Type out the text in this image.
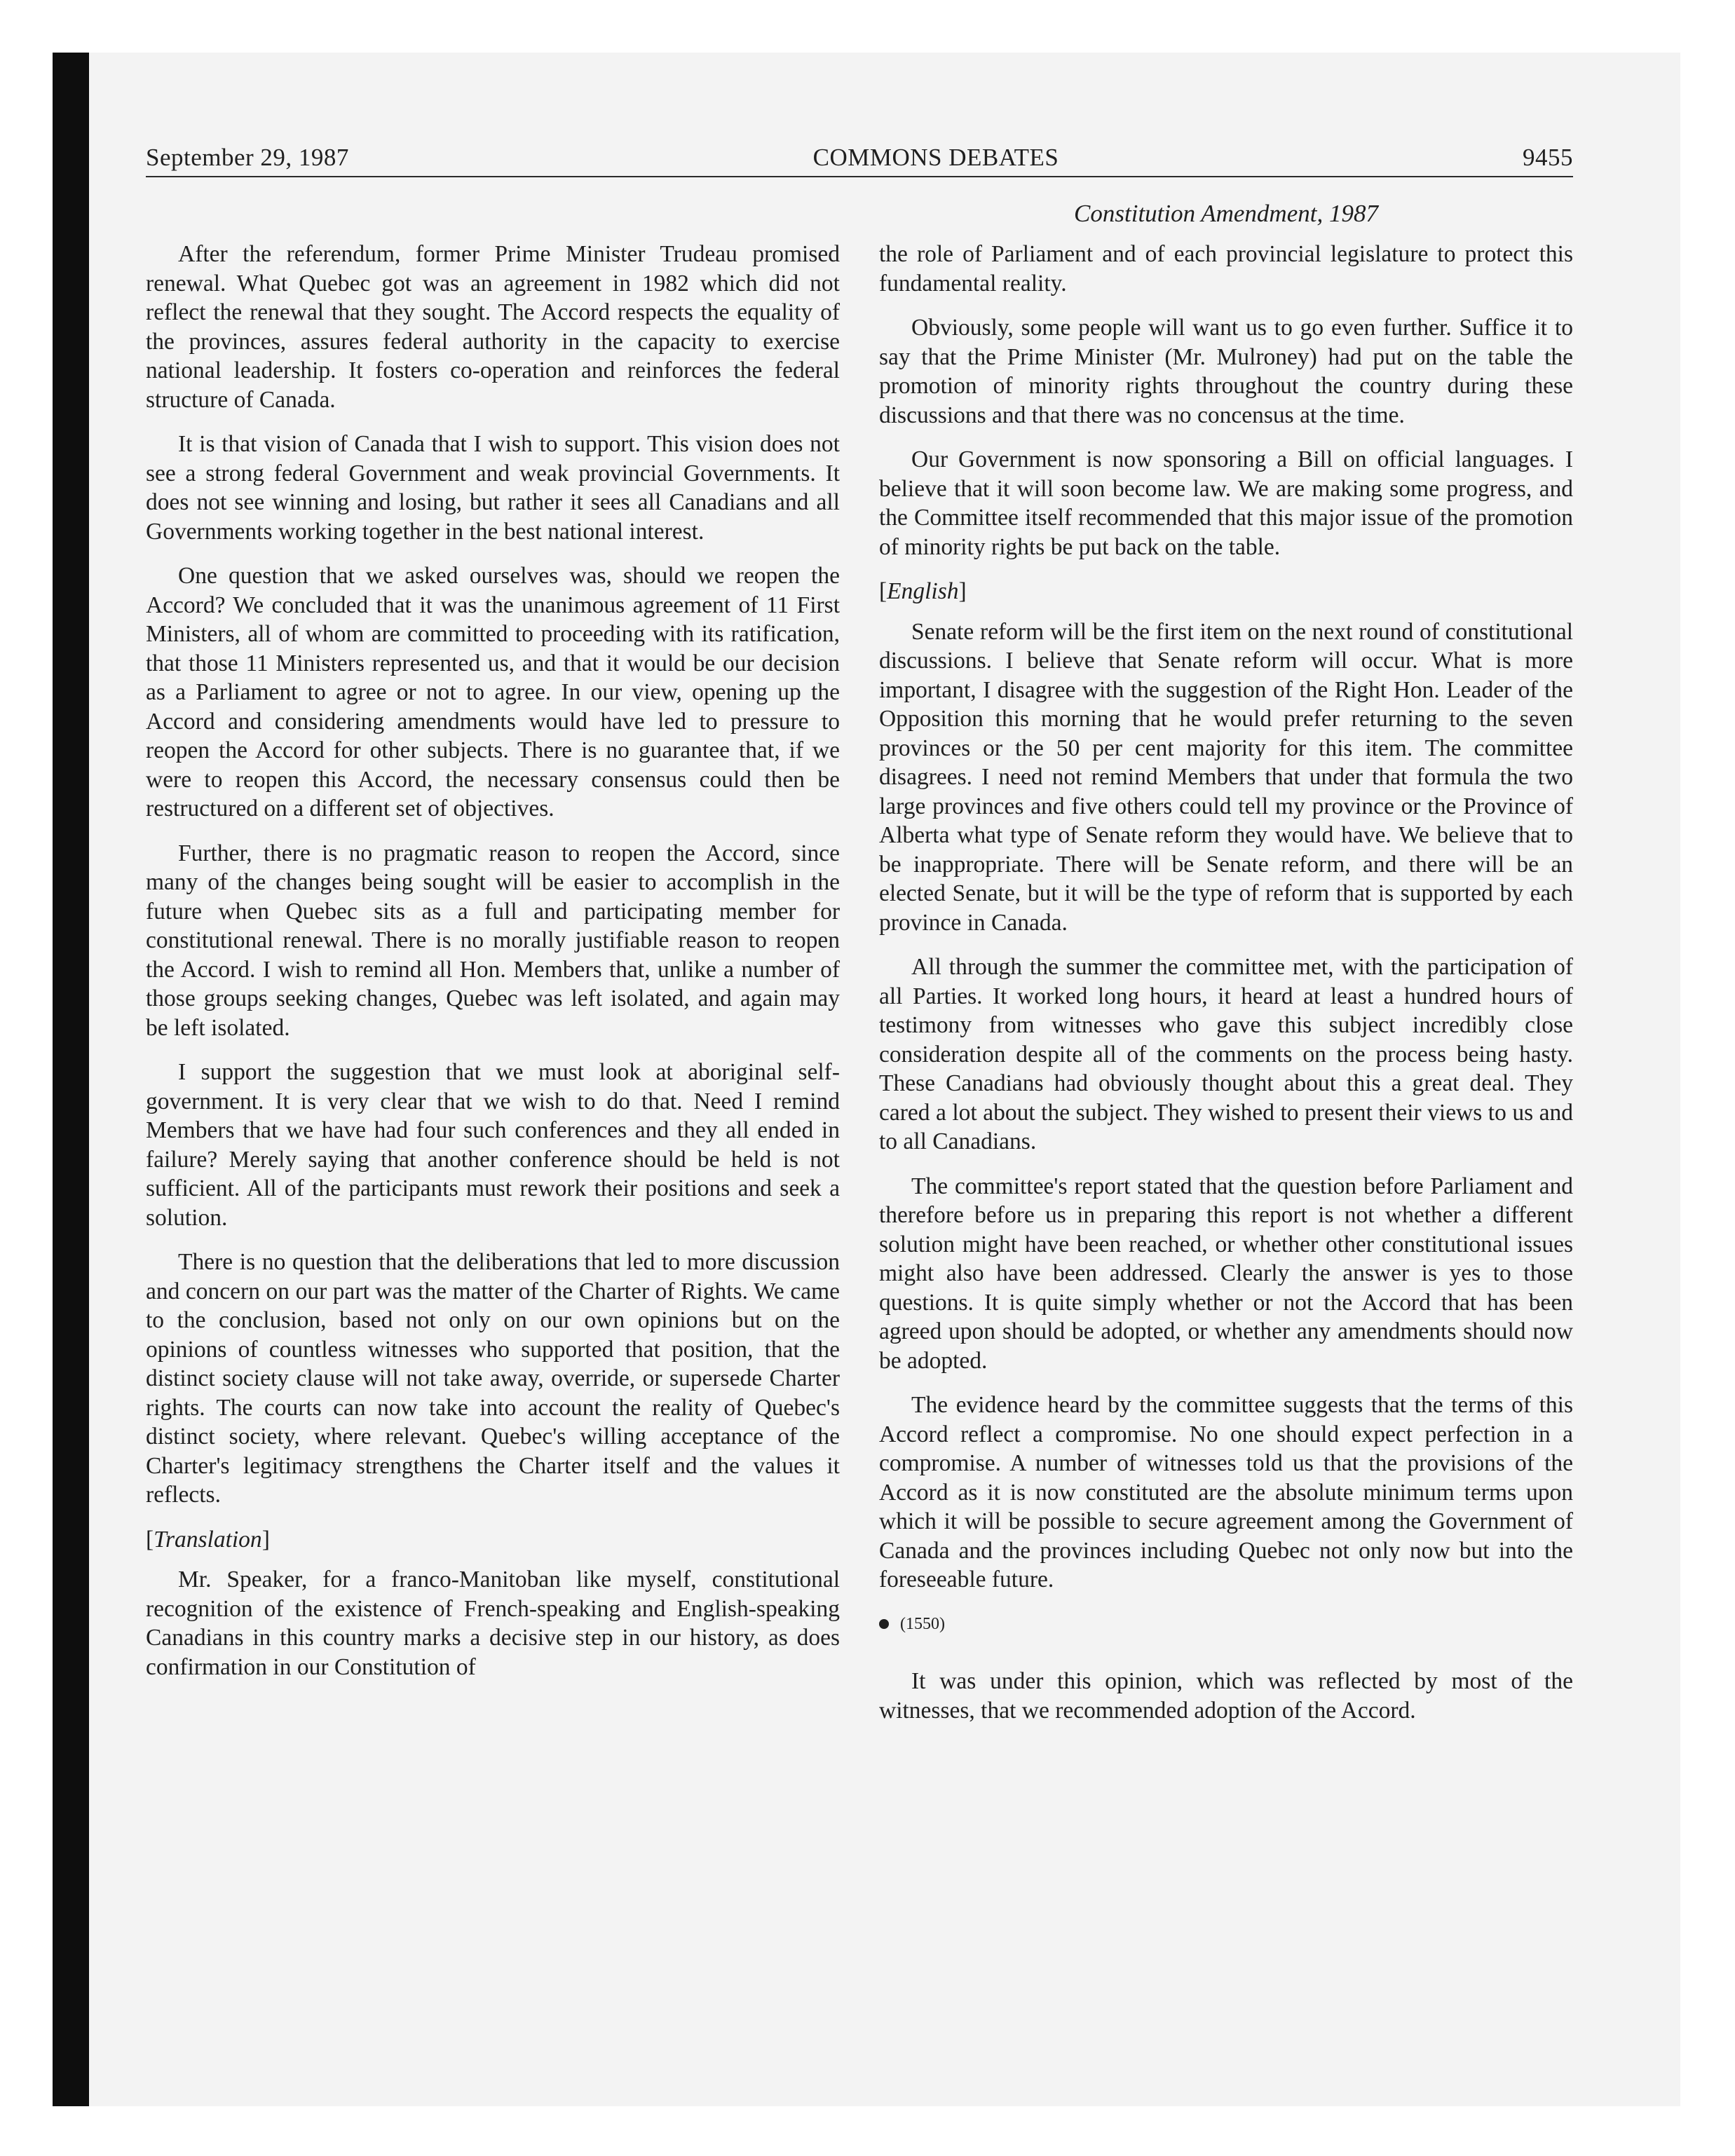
September 29, 1987	COMMONS DEBATES	9455
Constitution Amendment, 1987

After the referendum, former Prime Minister Trudeau promised renewal. What Quebec got was an agreement in 1982 which did not reflect the renewal that they sought. The Accord respects the equality of the provinces, assures federal authority in the capacity to exercise national leadership. It fosters co-operation and reinforces the federal structure of Canada.

It is that vision of Canada that I wish to support. This vision does not see a strong federal Government and weak provincial Governments. It does not see winning and losing, but rather it sees all Canadians and all Governments working together in the best national interest.

One question that we asked ourselves was, should we reopen the Accord? We concluded that it was the unanimous agreement of 11 First Ministers, all of whom are committed to proceeding with its ratification, that those 11 Ministers represented us, and that it would be our decision as a Parliament to agree or not to agree. In our view, opening up the Accord and considering amendments would have led to pressure to reopen the Accord for other subjects. There is no guarantee that, if we were to reopen this Accord, the necessary consensus could then be restructured on a different set of objectives.

Further, there is no pragmatic reason to reopen the Accord, since many of the changes being sought will be easier to accomplish in the future when Quebec sits as a full and participating member for constitutional renewal. There is no morally justifiable reason to reopen the Accord. I wish to remind all Hon. Members that, unlike a number of those groups seeking changes, Quebec was left isolated, and again may be left isolated.

I support the suggestion that we must look at aboriginal self-government. It is very clear that we wish to do that. Need I remind Members that we have had four such conferences and they all ended in failure? Merely saying that another conference should be held is not sufficient. All of the participants must rework their positions and seek a solution.

There is no question that the deliberations that led to more discussion and concern on our part was the matter of the Charter of Rights. We came to the conclusion, based not only on our own opinions but on the opinions of countless witnesses who supported that position, that the distinct society clause will not take away, override, or supersede Charter rights. The courts can now take into account the reality of Quebec's distinct society, where relevant. Quebec's willing acceptance of the Charter's legitimacy strengthens the Charter itself and the values it reflects.

[Translation]

Mr. Speaker, for a franco-Manitoban like myself, constitutional recognition of the existence of French-speaking and English-speaking Canadians in this country marks a decisive step in our history, as does confirmation in our Constitution of

the role of Parliament and of each provincial legislature to protect this fundamental reality.

Obviously, some people will want us to go even further. Suffice it to say that the Prime Minister (Mr. Mulroney) had put on the table the promotion of minority rights throughout the country during these discussions and that there was no concensus at the time.

Our Government is now sponsoring a Bill on official languages. I believe that it will soon become law. We are making some progress, and the Committee itself recommended that this major issue of the promotion of minority rights be put back on the table.

[English]

Senate reform will be the first item on the next round of constitutional discussions. I believe that Senate reform will occur. What is more important, I disagree with the suggestion of the Right Hon. Leader of the Opposition this morning that he would prefer returning to the seven provinces or the 50 per cent majority for this item. The committee disagrees. I need not remind Members that under that formula the two large provinces and five others could tell my province or the Province of Alberta what type of Senate reform they would have. We believe that to be inappropriate. There will be Senate reform, and there will be an elected Senate, but it will be the type of reform that is supported by each province in Canada.

All through the summer the committee met, with the participation of all Parties. It worked long hours, it heard at least a hundred hours of testimony from witnesses who gave this subject incredibly close consideration despite all of the comments on the process being hasty. These Canadians had obviously thought about this a great deal. They cared a lot about the subject. They wished to present their views to us and to all Canadians.

The committee's report stated that the question before Parliament and therefore before us in preparing this report is not whether a different solution might have been reached, or whether other constitutional issues might also have been addressed. Clearly the answer is yes to those questions. It is quite simply whether or not the Accord that has been agreed upon should be adopted, or whether any amendments should now be adopted.

The evidence heard by the committee suggests that the terms of this Accord reflect a compromise. No one should expect perfection in a compromise. A number of witnesses told us that the provisions of the Accord as it is now constituted are the absolute minimum terms upon which it will be possible to secure agreement among the Government of Canada and the provinces including Quebec not only now but into the foreseeable future.

(1550)

It was under this opinion, which was reflected by most of the witnesses, that we recommended adoption of the Accord.
